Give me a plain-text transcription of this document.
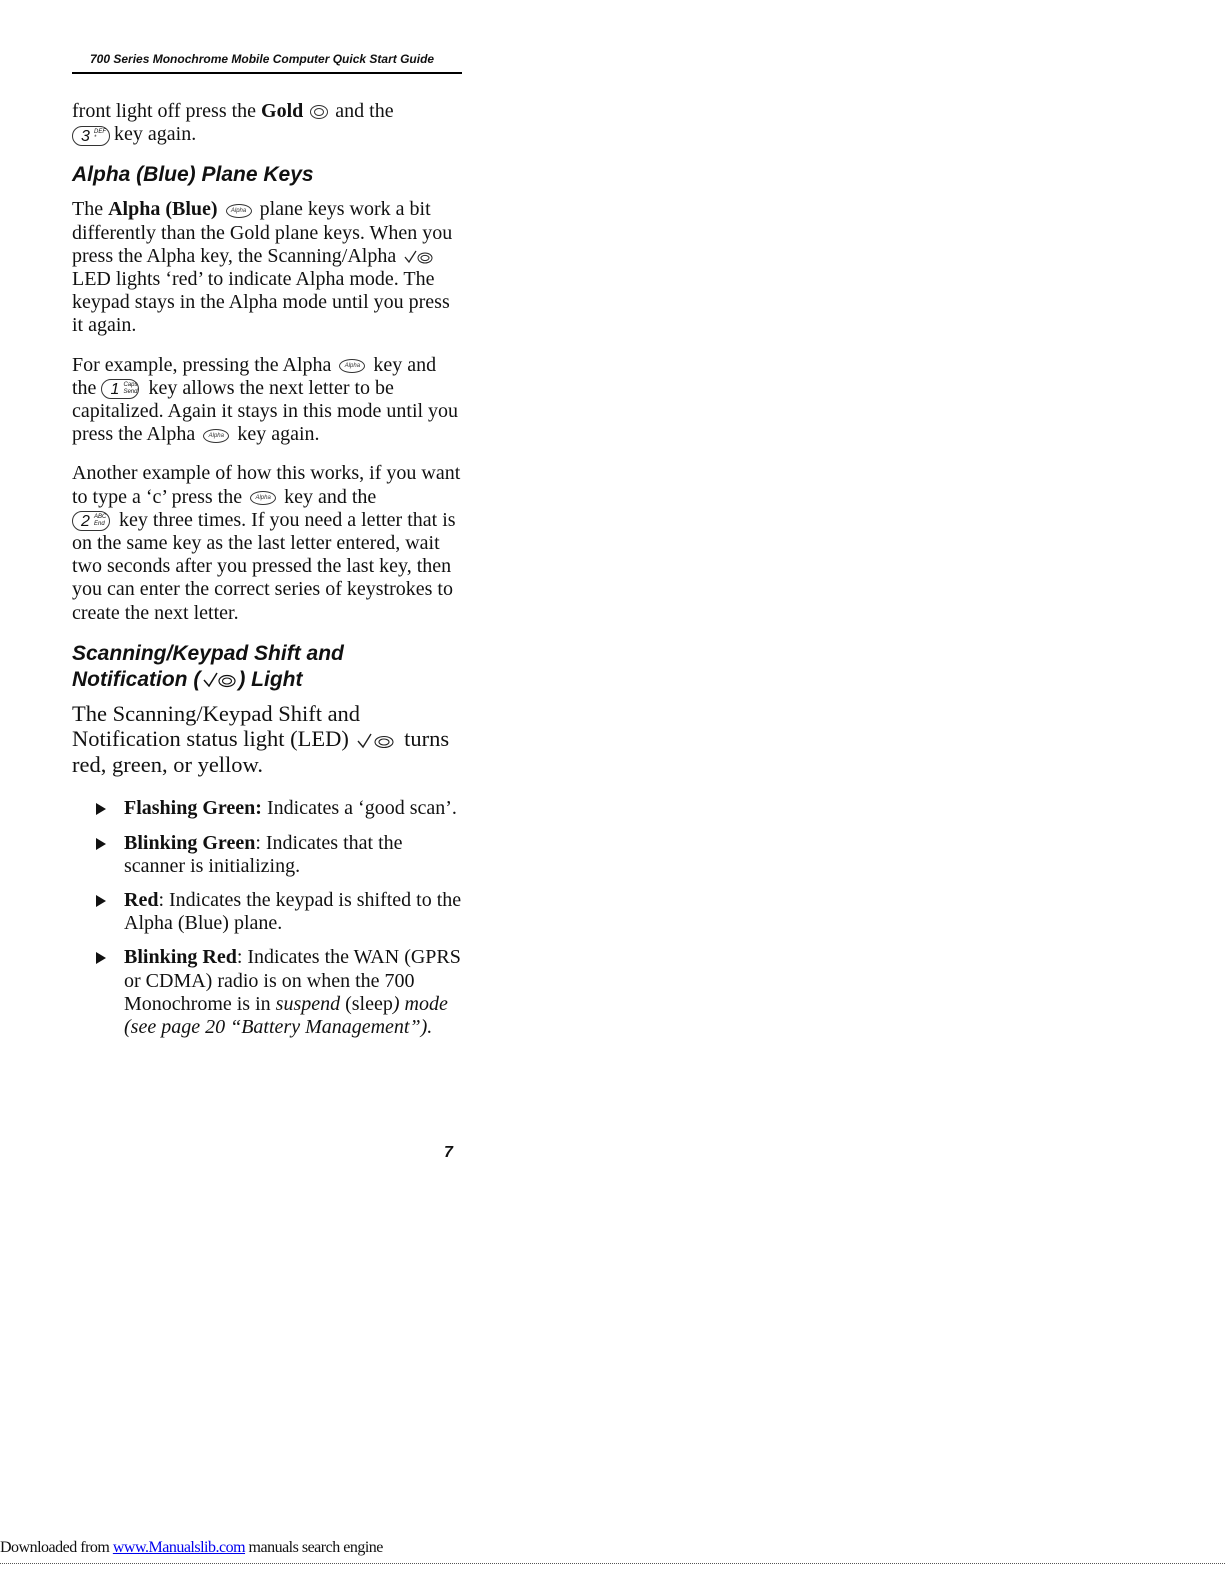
700 Series Monochrome Mobile Computer Quick Start Guide

front light off press the Gold  and the

3 DEF
* key again.

Alpha (Blue) Plane Keys

The Alpha (Blue) Alpha plane keys work a bit differently than the Gold plane keys. When you press the Alpha key, the Scanning/Alpha
LED lights ‘red’ to indicate Alpha mode. The keypad stays in the Alpha mode until you press it again.

For example, pressing the Alpha Alpha key and the 1 Caps
Send key allows the next letter to be capitalized. Again it stays in this mode until you press the Alpha Alpha key again.

Another example of how this works, if you want to type a ‘c’ press the Alpha key and the

2 ABC
End key three times. If you need a letter that is on the same key as the last letter entered, wait two seconds after you pressed the last key, then you can enter the correct series of keystrokes to create the next letter.

Scanning/Keypad Shift and
Notification ( ) Light

The Scanning/Keypad Shift and Notification status light (LED)
turns red, green, or yellow.

Flashing Green: Indicates a ‘good scan’.
Blinking Green: Indicates that the scanner is initializing.
Red: Indicates the keypad is shifted to the Alpha (Blue) plane.
Blinking Red: Indicates the WAN (GPRS or CDMA) radio is on when the 700 Monochrome is in suspend (sleep) mode (see page 20 “Battery Management”).
7
Downloaded from www.Manualslib.com manuals search engine
